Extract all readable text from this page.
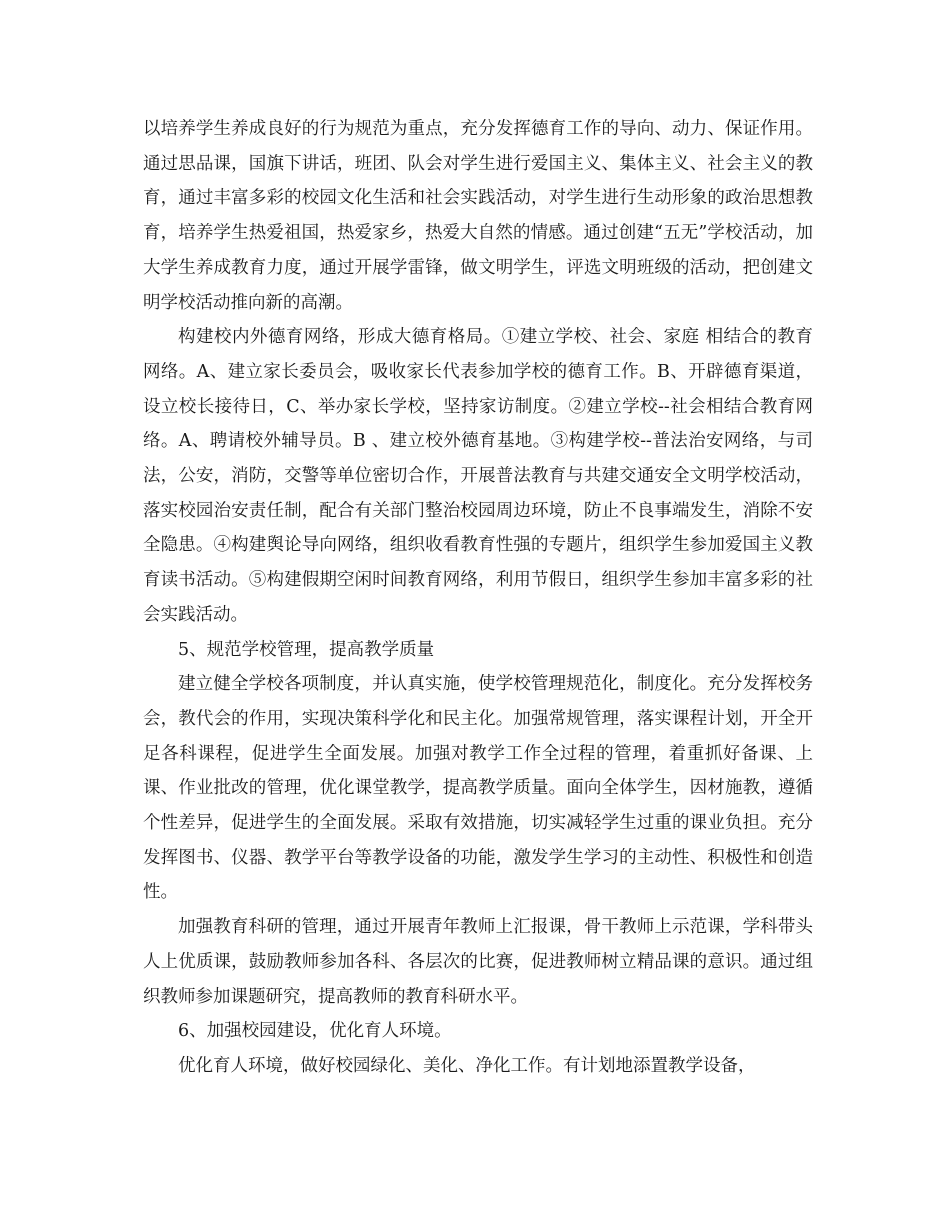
以培养学生养成良好的行为规范为重点，充分发挥德育工作的导向、动力、保证作用。通过思品课，国旗下讲话，班团、队会对学生进行爱国主义、集体主义、社会主义的教育，通过丰富多彩的校园文化生活和社会实践活动，对学生进行生动形象的政治思想教育，培养学生热爱祖国，热爱家乡，热爱大自然的情感。通过创建“五无”学校活动，加大学生养成教育力度，通过开展学雷锋，做文明学生，评选文明班级的活动，把创建文明学校活动推向新的高潮。

构建校内外德育网络，形成大德育格局。①建立学校、社会、家庭 相结合的教育网络。A、建立家长委员会，吸收家长代表参加学校的德育工作。B、开辟德育渠道，设立校长接待日，C、举办家长学校，坚持家访制度。②建立学校--社会相结合教育网络。A、聘请校外辅导员。B 、建立校外德育基地。③构建学校--普法治安网络，与司法，公安，消防，交警等单位密切合作，开展普法教育与共建交通安全文明学校活动，落实校园治安责任制，配合有关部门整治校园周边环境，防止不良事端发生，消除不安全隐患。④构建舆论导向网络，组织收看教育性强的专题片，组织学生参加爱国主义教育读书活动。⑤构建假期空闲时间教育网络，利用节假日，组织学生参加丰富多彩的社会实践活动。

5、规范学校管理，提高教学质量

建立健全学校各项制度，并认真实施，使学校管理规范化，制度化。充分发挥校务会，教代会的作用，实现决策科学化和民主化。加强常规管理，落实课程计划，开全开足各科课程，促进学生全面发展。加强对教学工作全过程的管理，着重抓好备课、上课、作业批改的管理，优化课堂教学，提高教学质量。面向全体学生，因材施教，遵循个性差异，促进学生的全面发展。采取有效措施，切实减轻学生过重的课业负担。充分发挥图书、仪器、教学平台等教学设备的功能，激发学生学习的主动性、积极性和创造性。

加强教育科研的管理，通过开展青年教师上汇报课，骨干教师上示范课，学科带头人上优质课，鼓励教师参加各科、各层次的比赛，促进教师树立精品课的意识。通过组织教师参加课题研究，提高教师的教育科研水平。

6、加强校园建设，优化育人环境。

优化育人环境，做好校园绿化、美化、净化工作。有计划地添置教学设备，
